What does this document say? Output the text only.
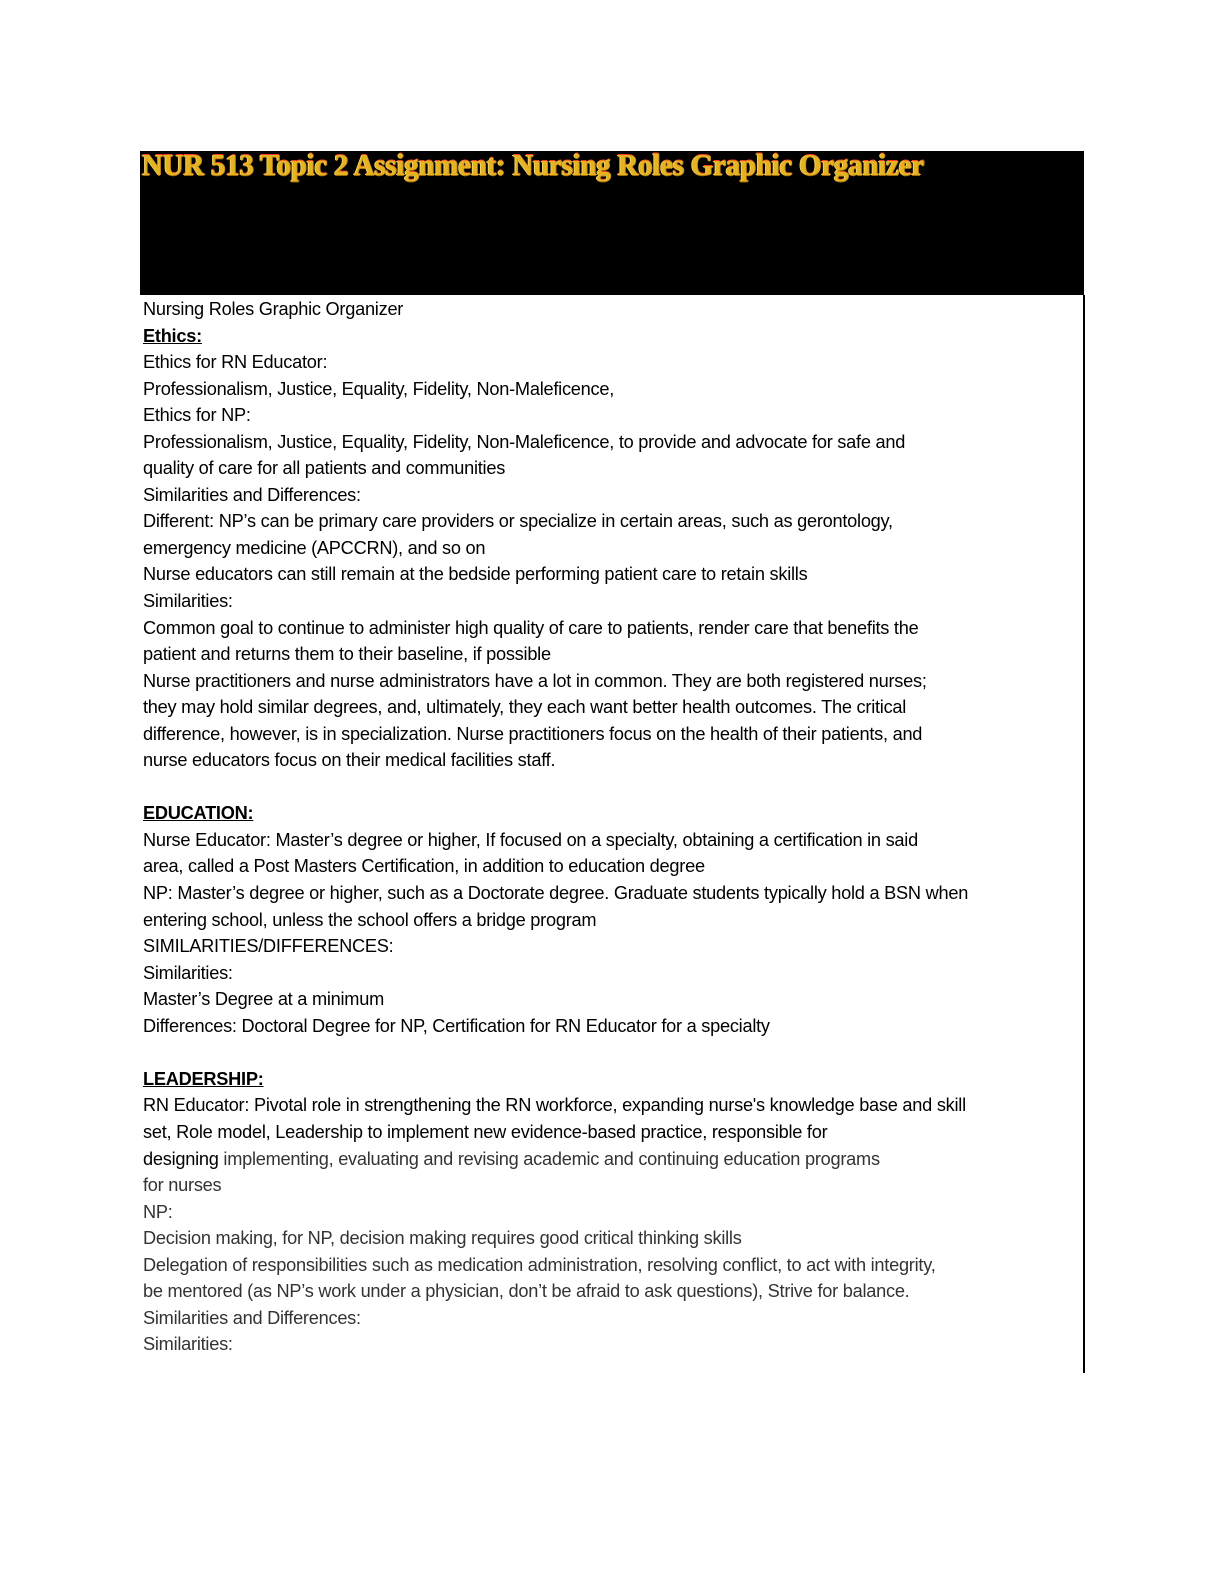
NUR 513 Topic 2 Assignment: Nursing Roles Graphic Organizer
Nursing Roles Graphic Organizer
Ethics:
Ethics for RN Educator:
Professionalism, Justice, Equality, Fidelity, Non-Maleficence,
Ethics for NP:
Professionalism, Justice, Equality, Fidelity, Non-Maleficence, to provide and advocate for safe and
quality of care for all patients and communities
Similarities and Differences:
Different: NP’s can be primary care providers or specialize in certain areas, such as gerontology,
emergency medicine (APCCRN), and so on
Nurse educators can still remain at the bedside performing patient care to retain skills
Similarities:
Common goal to continue to administer high quality of care to patients, render care that benefits the
patient and returns them to their baseline, if possible
Nurse practitioners and nurse administrators have a lot in common. They are both registered nurses;
they may hold similar degrees, and, ultimately, they each want better health outcomes. The critical
difference, however, is in specialization. Nurse practitioners focus on the health of their patients, and
nurse educators focus on their medical facilities staff.
EDUCATION:
Nurse Educator: Master’s degree or higher, If focused on a specialty, obtaining a certification in said
area, called a Post Masters Certification, in addition to education degree
NP: Master’s degree or higher, such as a Doctorate degree. Graduate students typically hold a BSN when
entering school, unless the school offers a bridge program
SIMILARITIES/DIFFERENCES:
Similarities:
Master’s Degree at a minimum
Differences: Doctoral Degree for NP, Certification for RN Educator for a specialty
LEADERSHIP:
RN Educator: Pivotal role in strengthening the RN workforce, expanding nurse's knowledge base and skill
set, Role model, Leadership to implement new evidence-based practice, responsible for
designing implementing, evaluating and revising academic and continuing education programs
for nurses
NP:
Decision making, for NP, decision making requires good critical thinking skills
Delegation of responsibilities such as medication administration, resolving conflict, to act with integrity,
be mentored (as NP’s work under a physician, don’t be afraid to ask questions), Strive for balance.
Similarities and Differences:
Similarities:
